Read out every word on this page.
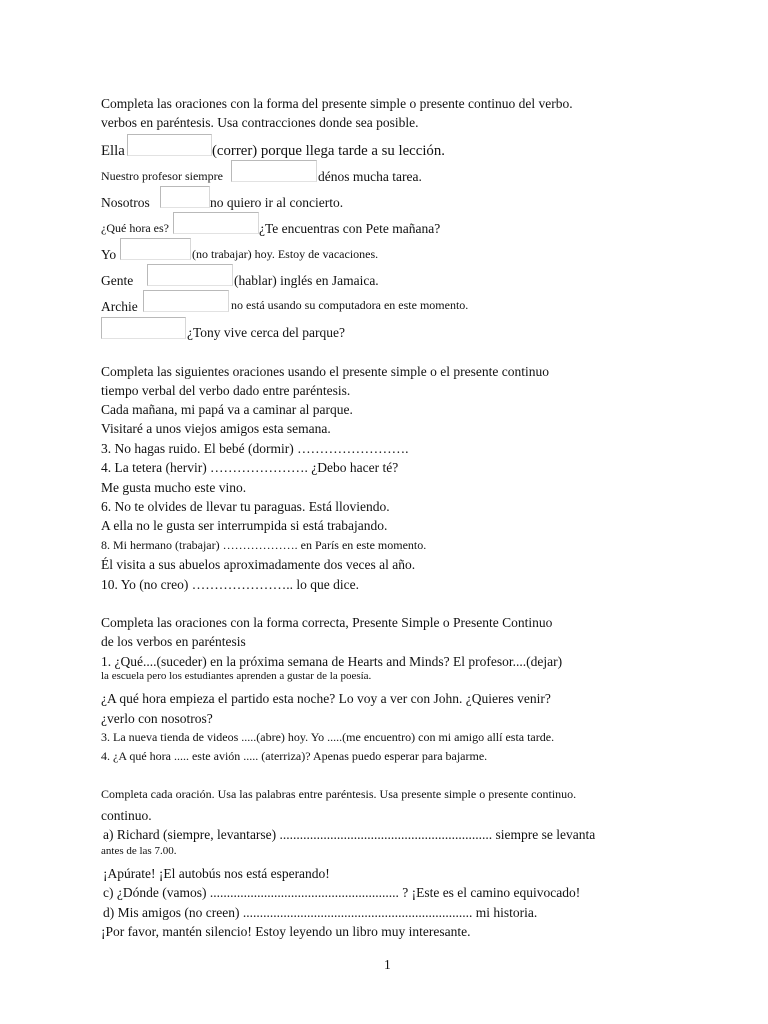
Completa las oraciones con la forma del presente simple o presente continuo del verbo.
verbos en paréntesis. Usa contracciones donde sea posible.
Ella	(correr) porque llega tarde a su lección.
Nuestro profesor siempre	dénos mucha tarea.
Nosotros	no quiero ir al concierto.
¿Qué hora es?	¿Te encuentras con Pete mañana?
Yo	(no trabajar) hoy. Estoy de vacaciones.
Gente	(hablar) inglés en Jamaica.
Archie	no está usando su computadora en este momento.
¿Tony vive cerca del parque?
Completa las siguientes oraciones usando el presente simple o el presente continuo
tiempo verbal del verbo dado entre paréntesis.
Cada mañana, mi papá va a caminar al parque.
Visitaré a unos viejos amigos esta semana.
3. No hagas ruido. El bebé (dormir) …………………….
4. La tetera (hervir) …………………. ¿Debo hacer té?
Me gusta mucho este vino.
6. No te olvides de llevar tu paraguas. Está lloviendo.
A ella no le gusta ser interrumpida si está trabajando.
8. Mi hermano (trabajar) ………………. en París en este momento.
Él visita a sus abuelos aproximadamente dos veces al año.
10. Yo (no creo) ………………….. lo que dice.
Completa las oraciones con la forma correcta, Presente Simple o Presente Continuo
de los verbos en paréntesis
1. ¿Qué....(suceder) en la próxima semana de Hearts and Minds? El profesor....(dejar)
la escuela pero los estudiantes aprenden a gustar de la poesía.
¿A qué hora empieza el partido esta noche? Lo voy a ver con John. ¿Quieres venir?
¿verlo con nosotros?
3. La nueva tienda de videos .....(abre) hoy. Yo .....(me encuentro) con mi amigo allí esta tarde.
4. ¿A qué hora ..... este avión ..... (aterriza)? Apenas puedo esperar para bajarme.
Completa cada oración. Usa las palabras entre paréntesis. Usa presente simple o presente continuo.
continuo.
a) Richard (siempre, levantarse) ............................................................... siempre se levanta
antes de las 7.00.
¡Apúrate! ¡El autobús nos está esperando!
c) ¿Dónde (vamos) ........................................................ ? ¡Este es el camino equivocado!
d) Mis amigos (no creen) .................................................................... mi historia.
¡Por favor, mantén silencio! Estoy leyendo un libro muy interesante.
1
